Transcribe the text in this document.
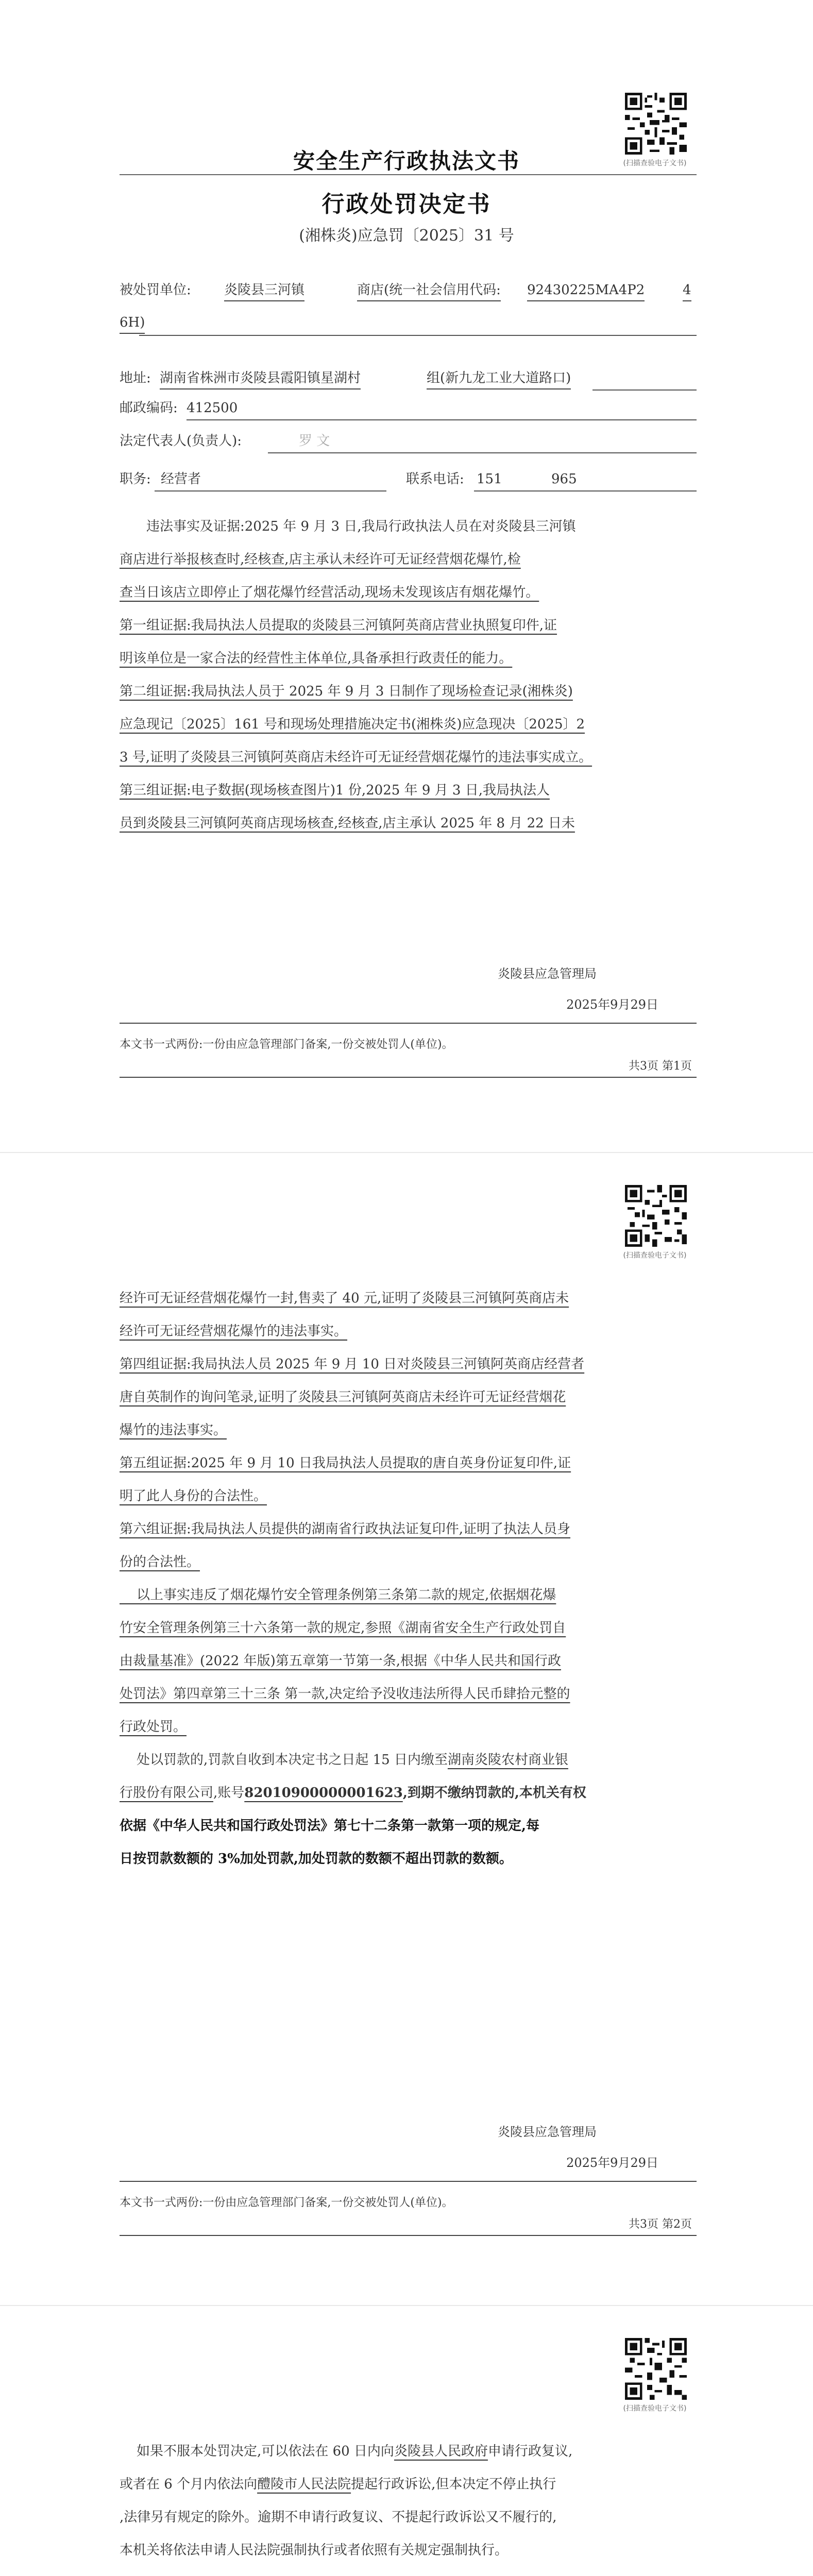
(扫描查验电子文书)
安全生产行政执法文书
行政处罚决定书
(湘株炎)应急罚〔2025〕31 号
被处罚单位: 炎陵县三河镇	商店(统一社会信用代码: 92430225MA4P2	4
6H)
地址: 湖南省株洲市炎陵县霞阳镇星湖村	组(新九龙工业大道路口)
邮政编码: 412500
法定代表人(负责人):	罗 文
职务: 经营者	联系电话: 151	965
违法事实及证据:2025 年 9 月 3 日,我局行政执法人员在对炎陵县三河镇
商店进行举报核查时,经核查,店主承认未经许可无证经营烟花爆竹,检
查当日该店立即停止了烟花爆竹经营活动,现场未发现该店有烟花爆竹。
第一组证据:我局执法人员提取的炎陵县三河镇阿英商店营业执照复印件,证
明该单位是一家合法的经营性主体单位,具备承担行政责任的能力。
第二组证据:我局执法人员于 2025 年 9 月 3 日制作了现场检查记录(湘株炎)
应急现记〔2025〕161 号和现场处理措施决定书(湘株炎)应急现决〔2025〕2
3 号,证明了炎陵县三河镇阿英商店未经许可无证经营烟花爆竹的违法事实成立。
第三组证据:电子数据(现场核查图片)1 份,2025 年 9 月 3 日,我局执法人
员到炎陵县三河镇阿英商店现场核查,经核查,店主承认 2025 年 8 月 22 日未
炎陵县应急管理局
2025年9月29日
本文书一式两份:一份由应急管理部门备案,一份交被处罚人(单位)。
共3页 第1页
(扫描查验电子文书)
经许可无证经营烟花爆竹一封,售卖了 40 元,证明了炎陵县三河镇阿英商店未
经许可无证经营烟花爆竹的违法事实。
第四组证据:我局执法人员 2025 年 9 月 10 日对炎陵县三河镇阿英商店经营者
唐自英制作的询问笔录,证明了炎陵县三河镇阿英商店未经许可无证经营烟花
爆竹的违法事实。
第五组证据:2025 年 9 月 10 日我局执法人员提取的唐自英身份证复印件,证
明了此人身份的合法性。
第六组证据:我局执法人员提供的湖南省行政执法证复印件,证明了执法人员身
份的合法性。
以上事实违反了烟花爆竹安全管理条例第三条第二款的规定,依据烟花爆
竹安全管理条例第三十六条第一款的规定,参照《湖南省安全生产行政处罚自
由裁量基准》(2022 年版)第五章第一节第一条,根据《中华人民共和国行政
处罚法》第四章第三十三条 第一款,决定给予没收违法所得人民币肆拾元整的
行政处罚。
处以罚款的,罚款自收到本决定书之日起 15 日内缴至湖南炎陵农村商业银
行股份有限公司,账号82010900000001623,到期不缴纳罚款的,本机关有权
依据《中华人民共和国行政处罚法》第七十二条第一款第一项的规定,每
日按罚款数额的 3%加处罚款,加处罚款的数额不超出罚款的数额。
炎陵县应急管理局
2025年9月29日
本文书一式两份:一份由应急管理部门备案,一份交被处罚人(单位)。
共3页 第2页
(扫描查验电子文书)
如果不服本处罚决定,可以依法在 60 日内向炎陵县人民政府申请行政复议,
或者在 6 个月内依法向醴陵市人民法院提起行政诉讼,但本决定不停止执行
,法律另有规定的除外。逾期不申请行政复议、不提起行政诉讼又不履行的,
本机关将依法申请人民法院强制执行或者依照有关规定强制执行。
